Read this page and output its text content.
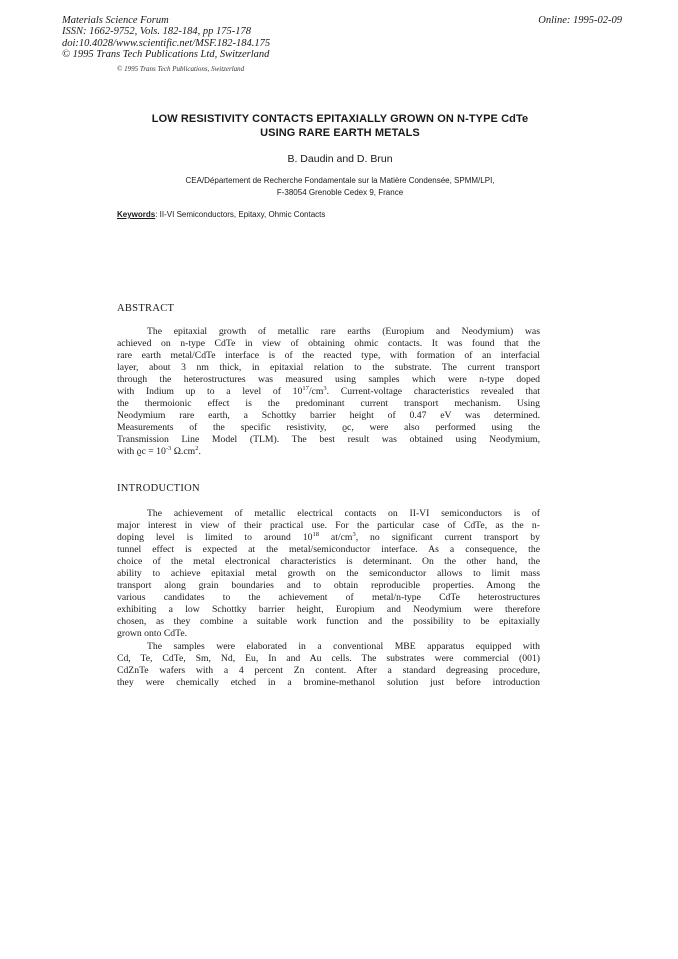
Materials Science Forum
ISSN: 1662-9752, Vols. 182-184, pp 175-178
doi:10.4028/www.scientific.net/MSF.182-184.175
© 1995 Trans Tech Publications Ltd, Switzerland
Online: 1995-02-09
© 1995 Trans Tech Publications, Switzerland
LOW RESISTIVITY CONTACTS EPITAXIALLY GROWN ON N-TYPE CdTe
USING RARE EARTH METALS
B. Daudin and D. Brun
CEA/Département de Recherche Fondamentale sur la Matière Condensée, SPMM/LPI,
F-38054 Grenoble Cedex 9, France
Keywords: II-VI Semiconductors, Epitaxy, Ohmic Contacts
ABSTRACT
The epitaxial growth of metallic rare earths (Europium and Neodymium) was
achieved on n-type CdTe in view of obtaining ohmic contacts. It was found that the
rare earth metal/CdTe interface is of the reacted type, with formation of an interfacial
layer, about 3 nm thick, in epitaxial relation to the substrate. The current transport
through the heterostructures was measured using samples which were n-type doped
with Indium up to a level of $10^{17}/cm^3$. Current-voltage characteristics revealed that
the thermoionic effect is the predominant current transport mechanism. Using
Neodymium rare earth, a Schottky barrier height of 0.47 eV was determined.
Measurements of the specific resistivity, ϱc, were also performed using the
Transmission Line Model (TLM). The best result was obtained using Neodymium,
with $ϱc = 10^{-3}$ $\Omega.cm^2$.
INTRODUCTION
The achievement of metallic electrical contacts on II-VI semiconductors is of
major interest in view of their practical use. For the particular case of CdTe, as the n-
doping level is limited to around $10^{18}$ $at/cm^3$, no significant current transport by
tunnel effect is expected at the metal/semiconductor interface. As a consequence, the
choice of the metal electronical characteristics is determinant. On the other hand, the
ability to achieve epitaxial metal growth on the semiconductor allows to limit mass
transport along grain boundaries and to obtain reproducible properties. Among the
various candidates to the achievement of metal/n-type CdTe heterostructures
exhibiting a low Schottky barrier height, Europium and Neodymium were therefore
chosen, as they combine a suitable work function and the possibility to be epitaxially
grown onto CdTe.
The samples were elaborated in a conventional MBE apparatus equipped with
Cd, Te, CdTe, Sm, Nd, Eu, In and Au cells. The substrates were commercial (001)
CdZnTe wafers with a 4 percent Zn content. After a standard degreasing procedure,
they were chemically etched in a bromine-methanol solution just before introduction
